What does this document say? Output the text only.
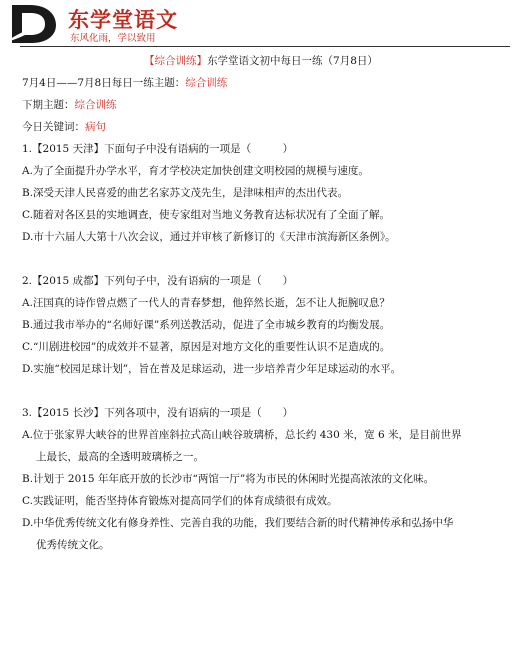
东学堂语文
东风化雨，学以致用
【综合训练】东学堂语文初中每日一练（7月8日）
7月4日——7月8日每日一练主题：综合训练
下期主题：综合训练
今日关键词：病句
1.【2015 天津】下面句子中没有语病的一项是（　　　）
A.为了全面提升办学水平，育才学校决定加快创建文明校园的规模与速度。
B.深受天津人民喜爱的曲艺名家苏文茂先生，是津味相声的杰出代表。
C.随着对各区县的实地调查，使专家组对当地义务教育达标状况有了全面了解。
D.市十六届人大第十八次会议，通过并审核了新修订的《天津市滨海新区条例》。
2.【2015 成都】下列句子中，没有语病的一项是（　　）
A.汪国真的诗作曾点燃了一代人的青春梦想，他猝然长逝，怎不让人扼腕叹息？
B.通过我市举办的“名师好课”系列送教活动，促进了全市城乡教育的均衡发展。
C.“川剧进校园”的成效并不显著，原因是对地方文化的重要性认识不足造成的。
D.实施“校园足球计划”，旨在普及足球运动，进一步培养青少年足球运动的水平。
3.【2015 长沙】下列各项中，没有语病的一项是（　　）
A.位于张家界大峡谷的世界首座斜拉式高山峡谷玻璃桥，总长约 430 米，宽 6 米，是目前世界
上最长，最高的全透明玻璃桥之一。
B.计划于 2015 年年底开放的长沙市“两馆一厅”将为市民的休闲时光提高浓浓的文化味。
C.实践证明，能否坚持体育锻炼对提高同学们的体育成绩很有成效。
D.中华优秀传统文化有修身养性、完善自我的功能，我们要结合新的时代精神传承和弘扬中华
优秀传统文化。
